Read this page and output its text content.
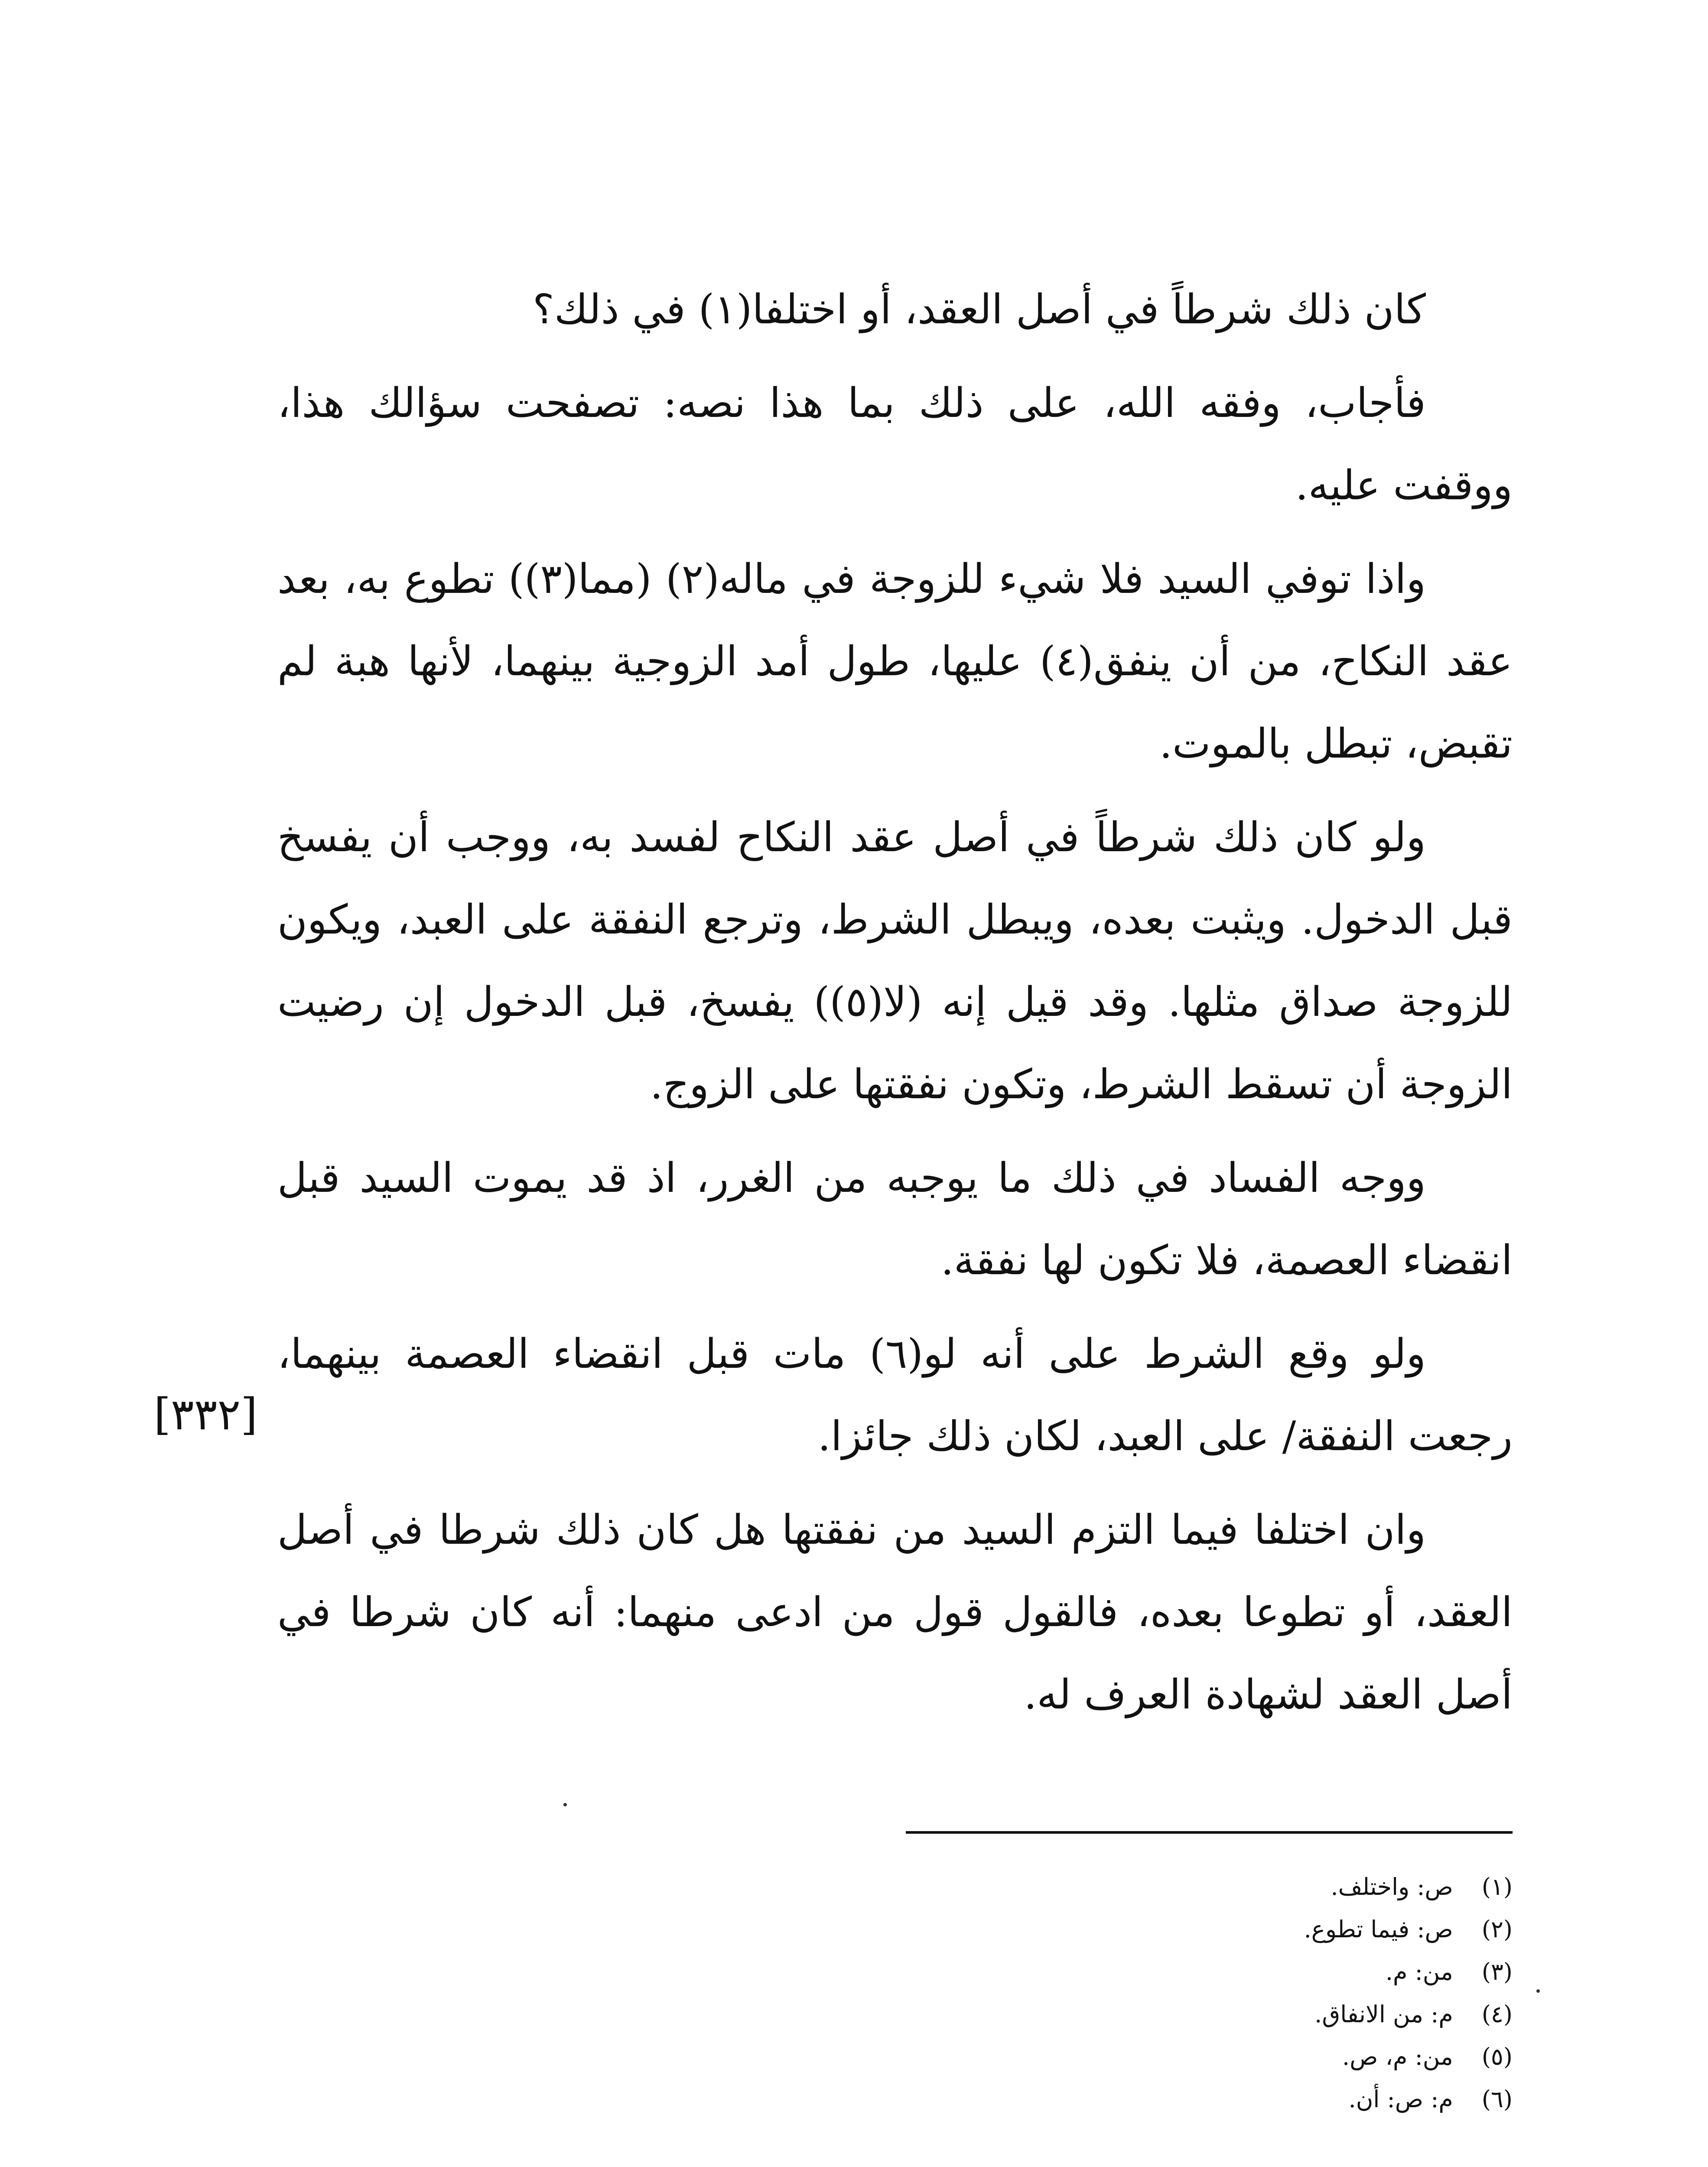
كان ذلك شرطاً في أصل العقد، أو اختلفا(١) في ذلك؟

فأجاب، وفقه الله، على ذلك بما هذا نصه: تصفحت سؤالك هذا، ووقفت عليه.

واذا توفي السيد فلا شيء للزوجة في ماله(٢) (مما(٣)) تطوع به، بعد عقد النكاح، من أن ينفق(٤) عليها، طول أمد الزوجية بينهما، لأنها هبة لم تقبض، تبطل بالموت.

ولو كان ذلك شرطاً في أصل عقد النكاح لفسد به، ووجب أن يفسخ قبل الدخول. ويثبت بعده، ويبطل الشرط، وترجع النفقة على العبد، ويكون للزوجة صداق مثلها. وقد قيل إنه (لا(٥)) يفسخ، قبل الدخول إن رضيت الزوجة أن تسقط الشرط، وتكون نفقتها على الزوج.

ووجه الفساد في ذلك ما يوجبه من الغرر، اذ قد يموت السيد قبل انقضاء العصمة، فلا تكون لها نفقة.

ولو وقع الشرط على أنه لو(٦) مات قبل انقضاء العصمة بينهما، رجعت النفقة/ على العبد، لكان ذلك جائزا.

وان اختلفا فيما التزم السيد من نفقتها هل كان ذلك شرطا في أصل العقد، أو تطوعا بعده، فالقول قول من ادعى منهما: أنه كان شرطا في أصل العقد لشهادة العرف له.

[٣٣٢]

(١) ص: واختلف.

(٢) ص: فيما تطوع.

(٣) من: م.

(٤) م: من الانفاق.

(٥) من: م، ص.

(٦) م: ص: أن.
